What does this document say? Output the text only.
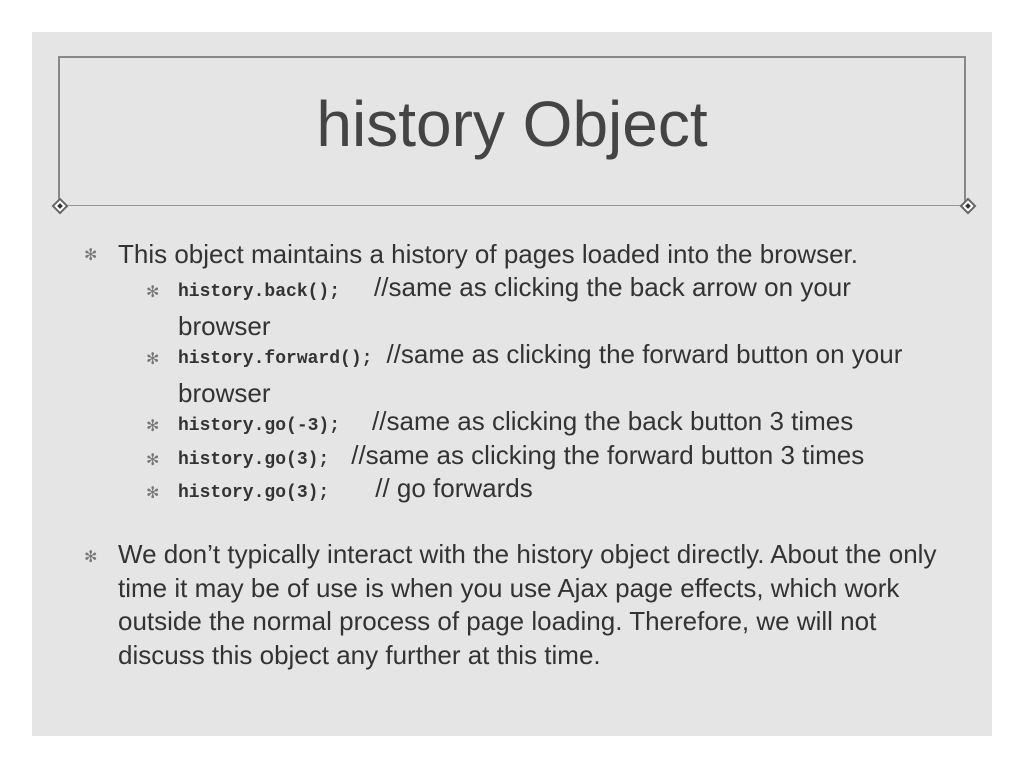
history Object
✻ This object maintains a history of pages loaded into the browser.
✻ history.back(); //same as clicking the back arrow on your browser
✻ history.forward(); //same as clicking the forward button on your browser
✻ history.go(-3); //same as clicking the back button 3 times
✻ history.go(3); //same as clicking the forward button 3 times
✻ history.go(3); // go forwards
✻ We don’t typically interact with the history object directly. About the only time it may be of use is when you use Ajax page effects, which work outside the normal process of page loading. Therefore, we will not discuss this object any further at this time.
